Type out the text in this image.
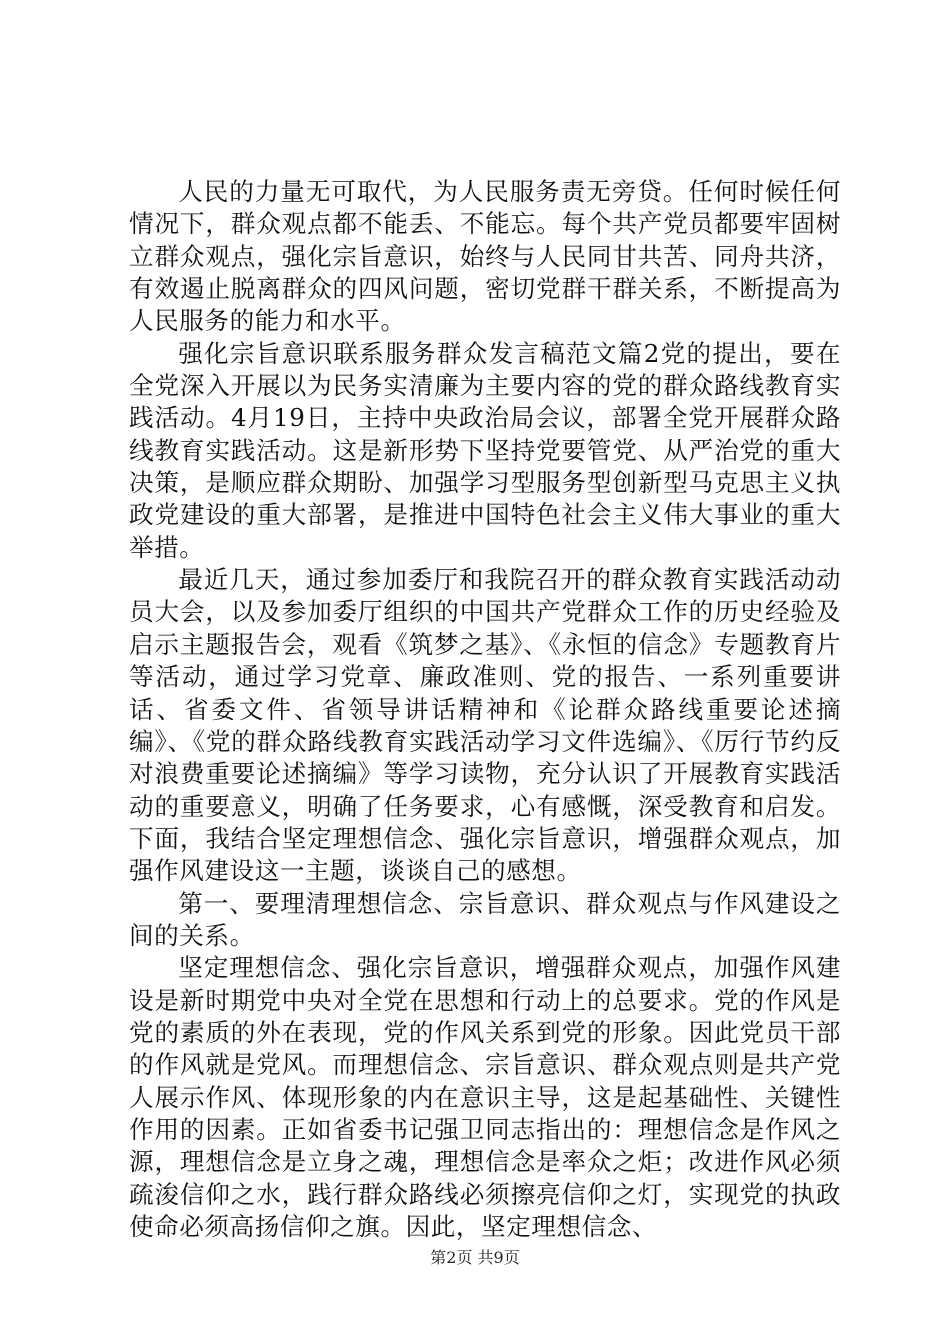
人民的力量无可取代，为人民服务责无旁贷。任何时候任何情况下，群众观点都不能丢、不能忘。每个共产党员都要牢固树立群众观点，强化宗旨意识，始终与人民同甘共苦、同舟共济，有效遏止脱离群众的四风问题，密切党群干群关系，不断提高为人民服务的能力和水平。

强化宗旨意识联系服务群众发言稿范文篇2党的提出，要在全党深入开展以为民务实清廉为主要内容的党的群众路线教育实践活动。4月19日，主持中央政治局会议，部署全党开展群众路线教育实践活动。这是新形势下坚持党要管党、从严治党的重大决策，是顺应群众期盼、加强学习型服务型创新型马克思主义执政党建设的重大部署，是推进中国特色社会主义伟大事业的重大举措。

最近几天，通过参加委厅和我院召开的群众教育实践活动动员大会，以及参加委厅组织的中国共产党群众工作的历史经验及启示主题报告会，观看《筑梦之基》、《永恒的信念》专题教育片等活动，通过学习党章、廉政准则、党的报告、一系列重要讲话、省委文件、省领导讲话精神和《论群众路线重要论述摘编》、《党的群众路线教育实践活动学习文件选编》、《厉行节约反对浪费重要论述摘编》等学习读物，充分认识了开展教育实践活动的重要意义，明确了任务要求，心有感慨，深受教育和启发。下面，我结合坚定理想信念、强化宗旨意识，增强群众观点，加强作风建设这一主题，谈谈自己的感想。

第一、要理清理想信念、宗旨意识、群众观点与作风建设之间的关系。

坚定理想信念、强化宗旨意识，增强群众观点，加强作风建设是新时期党中央对全党在思想和行动上的总要求。党的作风是党的素质的外在表现，党的作风关系到党的形象。因此党员干部的作风就是党风。而理想信念、宗旨意识、群众观点则是共产党人展示作风、体现形象的内在意识主导，这是起基础性、关键性作用的因素。正如省委书记强卫同志指出的：理想信念是作风之源，理想信念是立身之魂，理想信念是率众之炬；改进作风必须疏浚信仰之水，践行群众路线必须擦亮信仰之灯，实现党的执政使命必须高扬信仰之旗。因此，坚定理想信念、

第2页 共9页
